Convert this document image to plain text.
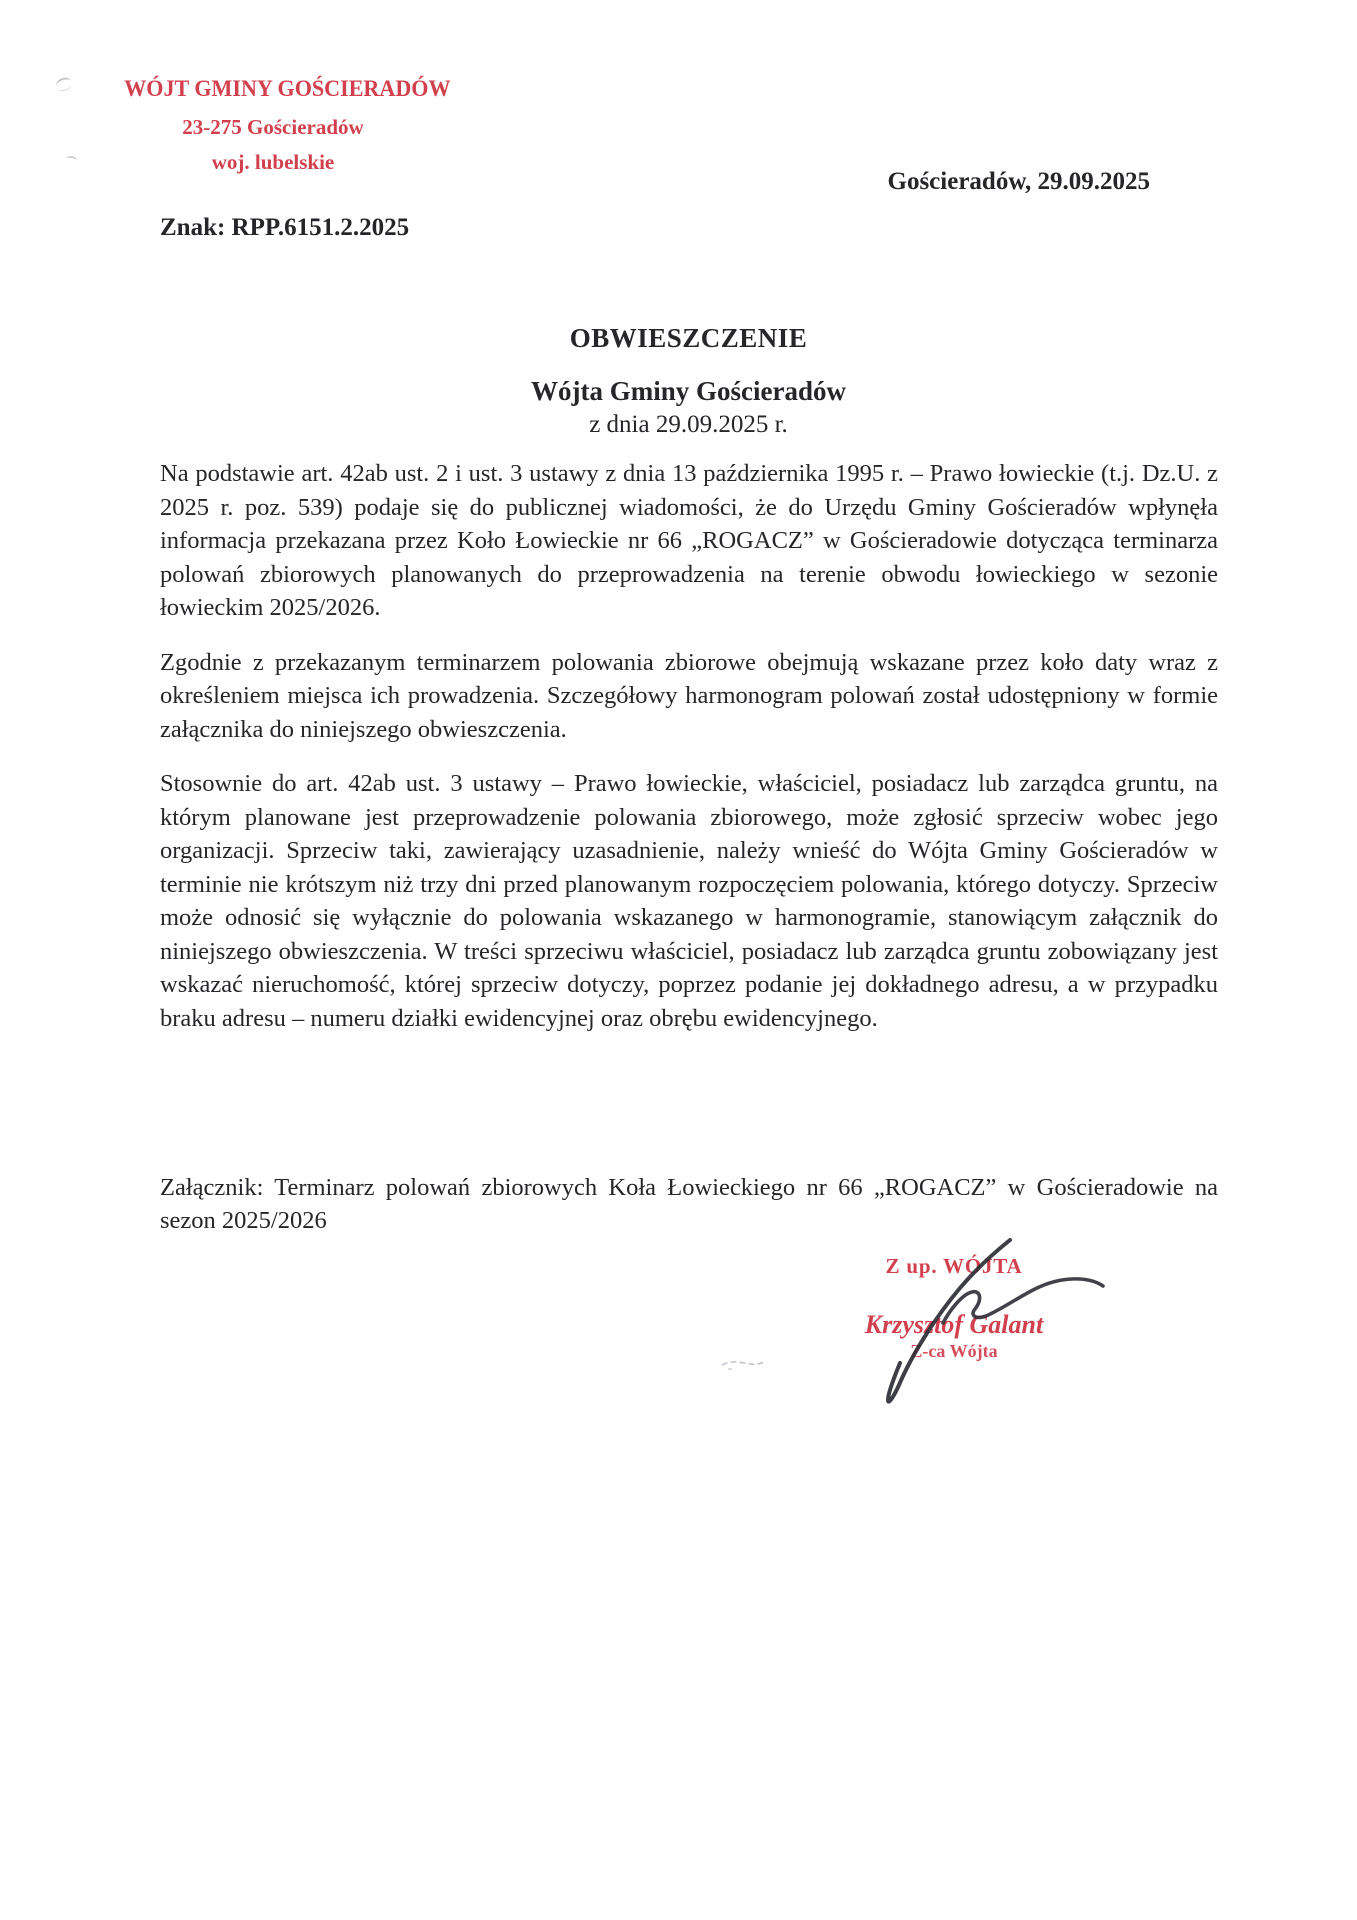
WÓJT GMINY GOŚCIERADÓW
23-275 Gościeradów
woj. lubelskie
Gościeradów, 29.09.2025
Znak: RPP.6151.2.2025
OBWIESZCZENIE
Wójta Gminy Gościeradów
z dnia 29.09.2025 r.

Na podstawie art. 42ab ust. 2 i ust. 3 ustawy z dnia 13 października 1995 r. – Prawo łowieckie (t.j. Dz.U. z 2025 r. poz. 539) podaje się do publicznej wiadomości, że do Urzędu Gminy Gościeradów wpłynęła informacja przekazana przez Koło Łowieckie nr 66 „ROGACZ” w Gościeradowie dotycząca terminarza polowań zbiorowych planowanych do przeprowadzenia na terenie obwodu łowieckiego w sezonie łowieckim 2025/2026.

Zgodnie z przekazanym terminarzem polowania zbiorowe obejmują wskazane przez koło daty wraz z określeniem miejsca ich prowadzenia. Szczegółowy harmonogram polowań został udostępniony w formie załącznika do niniejszego obwieszczenia.

Stosownie do art. 42ab ust. 3 ustawy – Prawo łowieckie, właściciel, posiadacz lub zarządca gruntu, na którym planowane jest przeprowadzenie polowania zbiorowego, może zgłosić sprzeciw wobec jego organizacji. Sprzeciw taki, zawierający uzasadnienie, należy wnieść do Wójta Gminy Gościeradów w terminie nie krótszym niż trzy dni przed planowanym rozpoczęciem polowania, którego dotyczy. Sprzeciw może odnosić się wyłącznie do polowania wskazanego w harmonogramie, stanowiącym załącznik do niniejszego obwieszczenia. W treści sprzeciwu właściciel, posiadacz lub zarządca gruntu zobowiązany jest wskazać nieruchomość, której sprzeciw dotyczy, poprzez podanie jej dokładnego adresu, a w przypadku braku adresu – numeru działki ewidencyjnej oraz obrębu ewidencyjnego.

Załącznik: Terminarz polowań zbiorowych Koła Łowieckiego nr 66 „ROGACZ” w Gościeradowie na sezon 2025/2026

Z up. WÓJTA
Krzysztof Galant
Z-ca Wójta
